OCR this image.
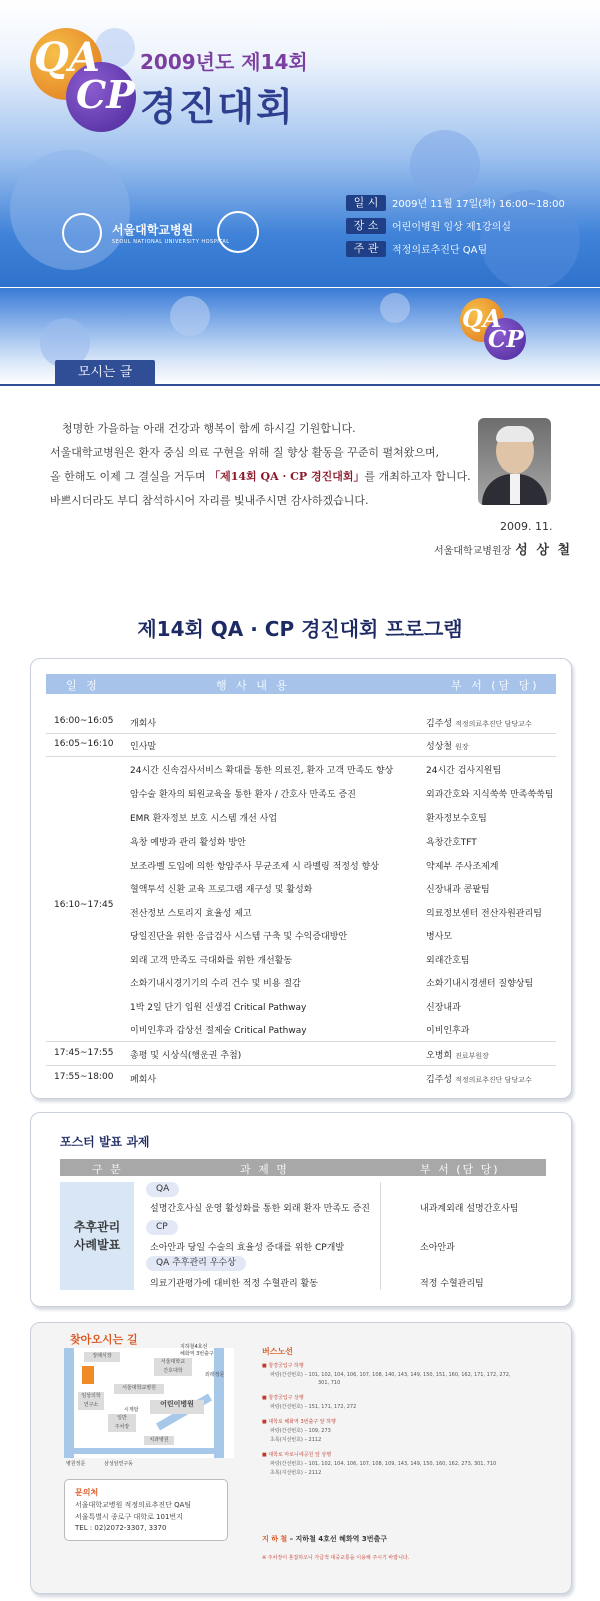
QA
CP
2009년도 제14회
경진대회
서울대학교병원
SEOUL NATIONAL UNIVERSITY HOSPITAL
일 시 2009년 11월 17일(화) 16:00~18:00
장 소 어린이병원 임상 제1강의실
주 관 적정의료추진단 QA팀
QA
CP
모시는 글

청명한 가을하늘 아래 건강과 행복이 함께 하시길 기원합니다.

서울대학교병원은 환자 중심 의료 구현을 위해 질 향상 활동을 꾸준히 펼쳐왔으며,

올 한해도 이제 그 결실을 거두며 「제14회 QA · CP 경진대회」를 개최하고자 합니다.

바쁘시더라도 부디 참석하시어 자리를 빛내주시면 감사하겠습니다.

2009. 11.
서울대학교병원장 성 상 철
제14회 QA · CP 경진대회 프로그램
일 정	행 사 내 용	부 서 (담 당)
16:00~16:05 개회사	김주성 적정의료추진단 담당교수
16:05~16:10 인사말	성상철 원장
16:10~17:45
24시간 신속검사서비스 확대를 통한 의료진, 환자 고객 만족도 향상	24시간 검사지원팀
암수술 환자의 퇴원교육을 통한 환자 / 간호사 만족도 증진	외과간호와 지식쑥쑥 만족쑥쑥팀
EMR 환자정보 보호 시스템 개선 사업	환자정보수호팀
욕창 예방과 관리 활성화 방안	욕창간호TFT
보조라벨 도입에 의한 항암주사 무균조제 시 라벨링 적정성 향상	약제부 주사조제계
혈액투석 신환 교육 프로그램 재구성 및 활성화	신장내과 콩팥팀
전산정보 스토리지 효율성 제고	의료정보센터 전산자원관리팀
당일진단을 위한 응급검사 시스템 구축 및 수익증대방안	병사모
외래 고객 만족도 극대화를 위한 개선활동	외래간호팀
소화기내시경기기의 수리 건수 및 비용 절감	소화기내시경센터 질향상팀
1박 2일 단기 입원 신생검 Critical Pathway	신장내과
이비인후과 갑상선 절제술 Critical Pathway	이비인후과
17:45~17:55 총평 및 시상식(행운권 추첨)	오병희 진료부원장
17:55~18:00 폐회사	김주성 적정의료추진단 담당교수
포스터 발표 과제
구 분	과 제 명	부 서 (담 당)
추후관리
사례발표
QA
설명간호사실 운영 활성화를 통한 외래 환자 만족도 증진	내과계외래 설명간호사팀
CP
소아안과 당일 수술의 효율성 증대를 위한 CP개발	소아안과
QA 추후관리 우수상
의료기관평가에 대비한 적정 수혈관리 활동	적정 수혈관리팀
찾아오시는 길
장례식장
서울대학교
간호대학
서울대학교병원
임상의학
연구소
시계탑
일반
주차장
어린이병원
치과병원
지하철4호선
혜화역 3번출구
병원정문	삼성암연구동
외래정문
문의처
서울대학교병원 적정의료추진단 QA팀
서울특별시 종로구 대학로 101번지
TEL : 02)2072-3307, 3370
버스노선
■ 창경궁입구 하행
파랑(간선번호) – 101, 102, 104, 106, 107, 108, 140, 143, 149, 150, 151, 160, 162, 171, 172, 272,
301, 710
■ 창경궁입구 상행
파랑(간선번호) – 151, 171, 172, 272
■ 대학로 혜화역 3번출구 앞 하행
파랑(간선번호) – 109, 273
초록(지선번호) – 2112
■ 대학로 마로니에공원 앞 상행
파랑(간선번호) – 101, 102, 104, 106, 107, 108, 109, 143, 149, 150, 160, 162, 273, 301, 710
초록(지선번호) – 2112
지 하 철 – 지하철 4호선 혜화역 3번출구
※ 주차장이 혼잡하오니 가급적 대중교통을 이용해 주시기 바랍니다.
